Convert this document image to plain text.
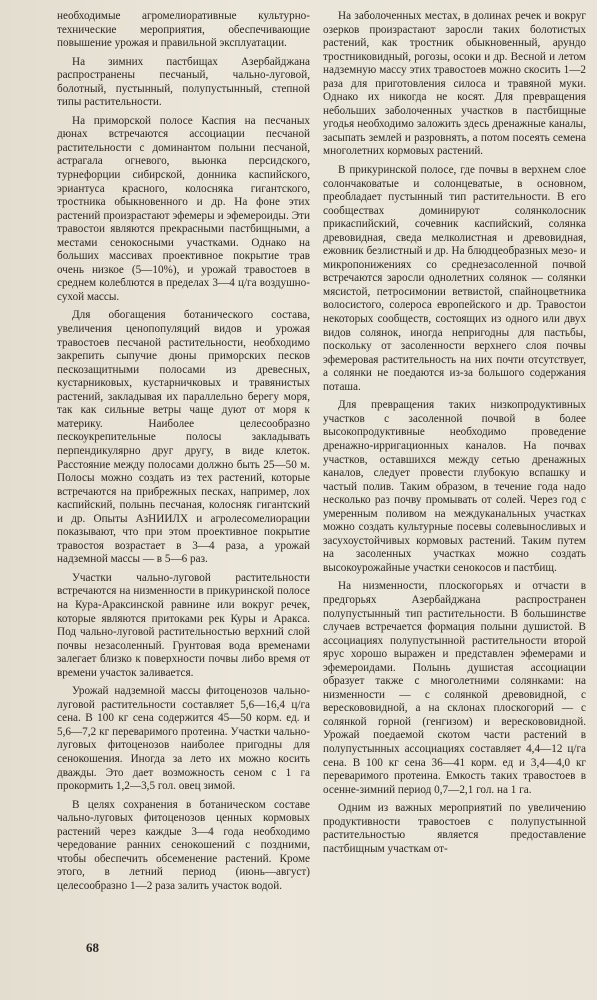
необходимые агромелиоративные культурно-технические мероприятия, обеспечивающие повышение урожая и правильной эксплуатации.

На зимних пастбищах Азербайджана распространены песчаный, чально-луговой, болотный, пустынный, полупустынный, степной типы растительности.

На приморской полосе Каспия на песчаных дюнах встречаются ассоциации песчаной растительности с доминантом полыни песчаной, астрагала огневого, вьюнка персидского, турнефорции сибирской, донника каспийского, эриантуса красного, колосняка гигантского, тростника обыкновенного и др. На фоне этих растений произрастают эфемеры и эфемероиды. Эти травостои являются прекрасными пастбищными, а местами сенокосными участками. Однако на больших массивах проективное покрытие трав очень низкое (5—10%), и урожай травостоев в среднем колеблются в пределах 3—4 ц/га воздушно-сухой массы.

Для обогащения ботанического состава, увеличения ценопопуляций видов и урожая травостоев песчаной растительности, необходимо закрепить сыпучие дюны приморских песков пескозащитными полосами из древесных, кустарниковых, кустарничковых и травянистых растений, закладывая их параллельно берегу моря, так как сильные ветры чаще дуют от моря к материку. Наиболее целесообразно пескоукрепительные полосы закладывать перпендикулярно друг другу, в виде клеток. Расстояние между полосами должно быть 25—50 м. Полосы можно создать из тех растений, которые встречаются на прибрежных песках, например, лох каспийский, полынь песчаная, колосняк гигантский и др. Опыты АзНИИЛХ и агролесомелиорации показывают, что при этом проективное покрытие травостоя возрастает в 3—4 раза, а урожай надземной массы — в 5—6 раз.

Участки чально-луговой растительности встречаются на низменности в прикуринской полосе на Кура-Араксинской равнине или вокруг речек, которые являются притоками рек Куры и Аракса. Под чально-луговой растительностью верхний слой почвы незасоленный. Грунтовая вода временами залегает близко к поверхности почвы либо время от времени участок заливается.

Урожай надземной массы фитоценозов чально-луговой растительности составляет 5,6—16,4 ц/га сена. В 100 кг сена содержится 45—50 корм. ед. и 5,6—7,2 кг переваримого протеина. Участки чально-луговых фитоценозов наиболее пригодны для сенокошения. Иногда за лето их можно косить дважды. Это дает возможность сеном с 1 га прокормить 1,2—3,5 гол. овец зимой.

В целях сохранения в ботаническом составе чально-луговых фитоценозов ценных кормовых растений через каждые 3—4 года необходимо чередование ранних сенокошений с поздними, чтобы обеспечить обсеменение растений. Кроме этого, в летний период (июнь—август) целесообразно 1—2 раза залить участок водой.

На заболоченных местах, в долинах речек и вокруг озерков произрастают заросли таких болотистых растений, как тростник обыкновенный, арундо тростниковидный, рогозы, осоки и др. Весной и летом надземную массу этих травостоев можно скосить 1—2 раза для приготовления силоса и травяной муки. Однако их никогда не косят. Для превращения небольших заболоченных участков в пастбищные угодья необходимо заложить здесь дренажные каналы, засыпать землей и разровнять, а потом посеять семена многолетних кормовых растений.

В прикуринской полосе, где почвы в верхнем слое солончаковатые и солонцеватые, в основном, преобладает пустынный тип растительности. В его сообществах доминируют солянколосник прикаспийский, сочевник каспийский, солянка древовидная, сведа мелколистная и древовидная, ежовник безлистный и др. На блюдцеобразных мезо- и микропонижениях со среднезасоленной почвой встречаются заросли однолетних солянок — солянки мясистой, петросимонии ветвистой, спайноцветника волосистого, солероса европейского и др. Травостои некоторых сообществ, состоящих из одного или двух видов солянок, иногда непригодны для пастьбы, поскольку от засоленности верхнего слоя почвы эфемеровая растительность на них почти отсутствует, а солянки не поедаются из-за большого содержания поташа.

Для превращения таких низкопродуктивных участков с засоленной почвой в более высокопродуктивные необходимо проведение дренажно-ирригационных каналов. На почвах участков, оставшихся между сетью дренажных каналов, следует провести глубокую вспашку и частый полив. Таким образом, в течение года надо несколько раз почву промывать от солей. Через год с умеренным поливом на междуканальных участках можно создать культурные посевы солевыносливых и засухоустойчивых кормовых растений. Таким путем на засоленных участках можно создать высокоурожайные участки сенокосов и пастбищ.

На низменности, плоскогорьях и отчасти в предгорьях Азербайджана распространен полупустынный тип растительности. В большинстве случаев встречается формация полыни душистой. В ассоциациях полупустынной растительности второй ярус хорошо выражен и представлен эфемерами и эфемероидами. Полынь душистая ассоциации образует также с многолетними солянками: на низменности — с солянкой древовидной, с верескововидной, а на склонах плоскогорий — с солянкой горной (генгизом) и верескововидной. Урожай поедаемой скотом части растений в полупустынных ассоциациях составляет 4,4—12 ц/га сена. В 100 кг сена 36—41 корм. ед и 3,4—4,0 кг переваримого протеина. Емкость таких травостоев в осенне-зимний период 0,7—2,1 гол. на 1 га.

Одним из важных мероприятий по увеличению продуктивности травостоев с полупустынной растительностью является предоставление пастбищным участкам от-

68
